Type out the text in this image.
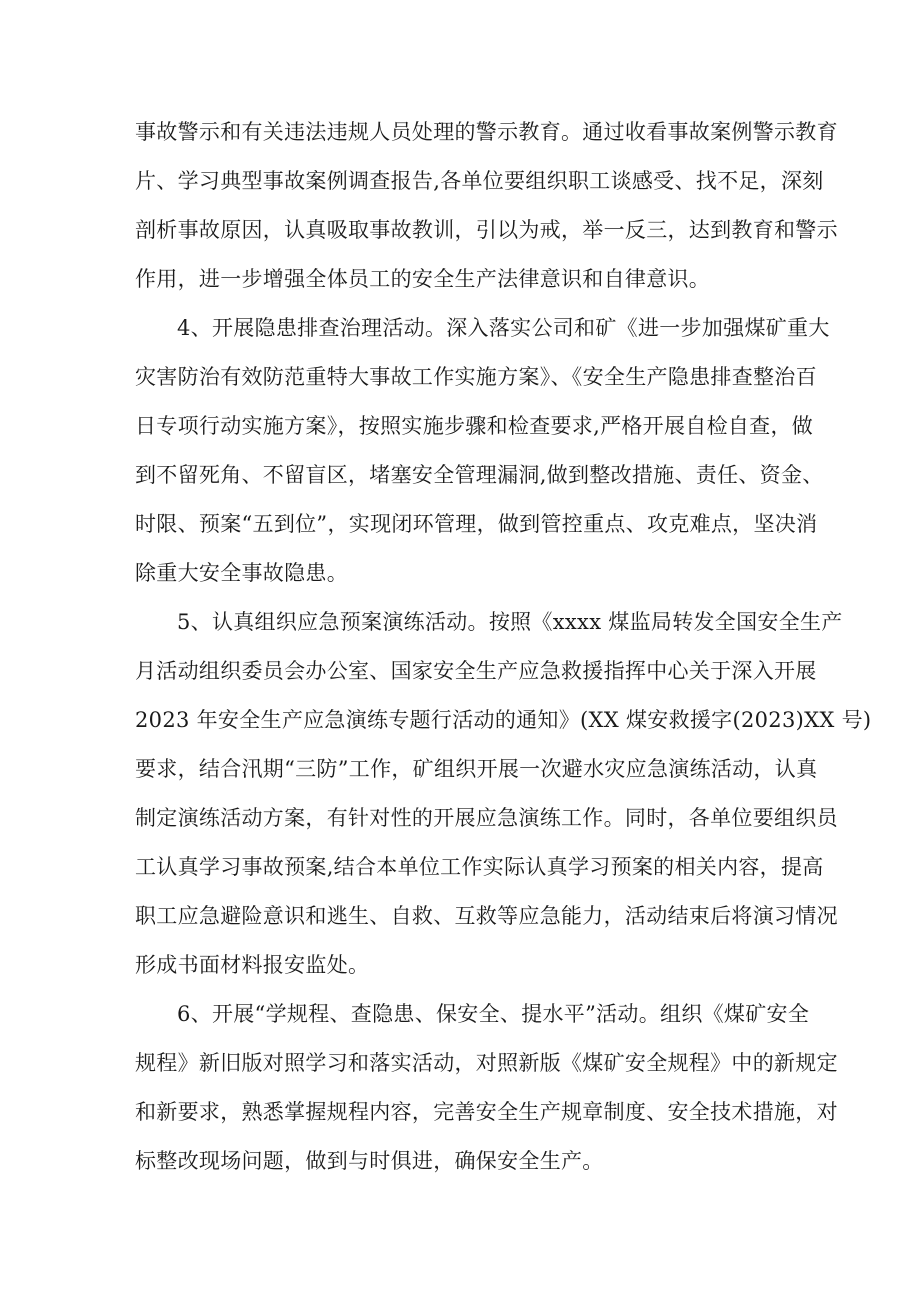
事故警示和有关违法违规人员处理的警示教育。通过收看事故案例警示教育
片、学习典型事故案例调查报告,各单位要组织职工谈感受、找不足，深刻
剖析事故原因，认真吸取事故教训，引以为戒，举一反三，达到教育和警示
作用，进一步增强全体员工的安全生产法律意识和自律意识。
4、开展隐患排查治理活动。深入落实公司和矿《进一步加强煤矿重大
灾害防治有效防范重特大事故工作实施方案》、《安全生产隐患排查整治百
日专项行动实施方案》，按照实施步骤和检查要求,严格开展自检自查，做
到不留死角、不留盲区，堵塞安全管理漏洞,做到整改措施、责任、资金、
时限、预案“五到位”，实现闭环管理，做到管控重点、攻克难点，坚决消
除重大安全事故隐患。
5、认真组织应急预案演练活动。按照《xxxx 煤监局转发全国安全生产
月活动组织委员会办公室、国家安全生产应急救援指挥中心关于深入开展
2023 年安全生产应急演练专题行活动的通知》(XX 煤安救援字(2023)XX 号)
要求，结合汛期“三防”工作，矿组织开展一次避水灾应急演练活动，认真
制定演练活动方案，有针对性的开展应急演练工作。同时，各单位要组织员
工认真学习事故预案,结合本单位工作实际认真学习预案的相关内容，提高
职工应急避险意识和逃生、自救、互救等应急能力，活动结束后将演习情况
形成书面材料报安监处。
6、开展“学规程、查隐患、保安全、提水平”活动。组织《煤矿安全
规程》新旧版对照学习和落实活动，对照新版《煤矿安全规程》中的新规定
和新要求，熟悉掌握规程内容，完善安全生产规章制度、安全技术措施，对
标整改现场问题，做到与时俱进，确保安全生产。
